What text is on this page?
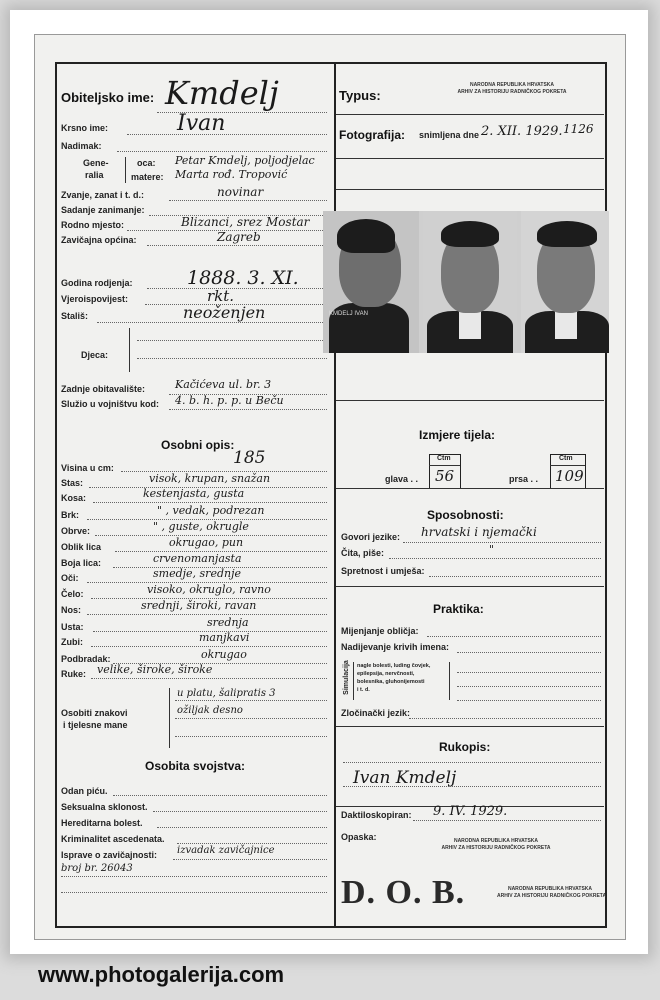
Obiteljsko ime: Kmdelj
Krsno ime:	Ivan
Nadimak:
Gene-
ralia
oca: Petar Kmdelj, poljodjelac
matere: Marta rođ. Tropović
Zvanje, zanat i t. d.:	novinar
Sadanje zanimanje:
Rodno mjesto:	Blizanci, srez Mostar
Zavičajna općina:	Zagreb
Godina rodjenja:	1888. 3. XI.
Vjeroispovijest:	rkt.
Stališ:	neoženjen
Djeca:
Zadnje obitavalište:	Kačićeva ul. br. 3
Služio u vojništvu kod: 4. b. h. p. p. u Beču
Osobni opis:
Visina u cm:	185
Stas:	visok, krupan, snažan
Kosa:	kestenjasta, gusta
Brk:	" , vedak, podrezan
Obrve:	" , guste, okrugle
Oblik lica	okrugao, pun
Boja lica:	crvenomanjasta
Oči:	smedje, srednje
Čelo:	visoko, okruglo, ravno
Nos:	srednji, široki, ravan
Usta:	srednja
Zubi:	manjkavi
Podbradak:	okrugao
Ruke: velike, široke, široke
Osobiti znakovi
i tjelesne mane
u platu, šalipratis 3
ožiljak desno
Osobita svojstva:
Odan piću.
Seksualna sklonost.
Hereditarna bolest.
Kriminalitet ascedenata.
Isprave o zavičajnosti: izvadak zavičajnice
broj br. 26043
Typus:
NARODNA REPUBLIKA HRVATSKA
ARHIV ZA HISTORIJU RADNIČKOG POKRETA
Fotografija: snimljena dne 2. XII. 1929. 1126
KMDELJ IVAN
Izmjere tijela:
Ctm
glava . . 56
Ctm
prsa . . 109
Sposobnosti:
Govori jezike: hrvatski i njemački
Čita, piše:	"
Spretnost i umješa:
Praktika:
Mijenjanje obličja:
Nadijevanje krivih imena:
Simulacija nagle bolesti, luding čovjek,
epilepsija, nervčnosti,
bolesnika, gluhonijemosti
i t. d.
Zločinački jezik:
Rukopis:
Ivan Kmdelj
Daktiloskopiran: 9. IV. 1929.
Opaska:	NARODNA REPUBLIKA HRVATSKA
ARHIV ZA HISTORIJU RADNIČKOG POKRETA
D. O. B.	NARODNA REPUBLIKA HRVATSKA
ARHIV ZA HISTORIJU RADNIČKOG POKRETA
www.photogalerija.com
